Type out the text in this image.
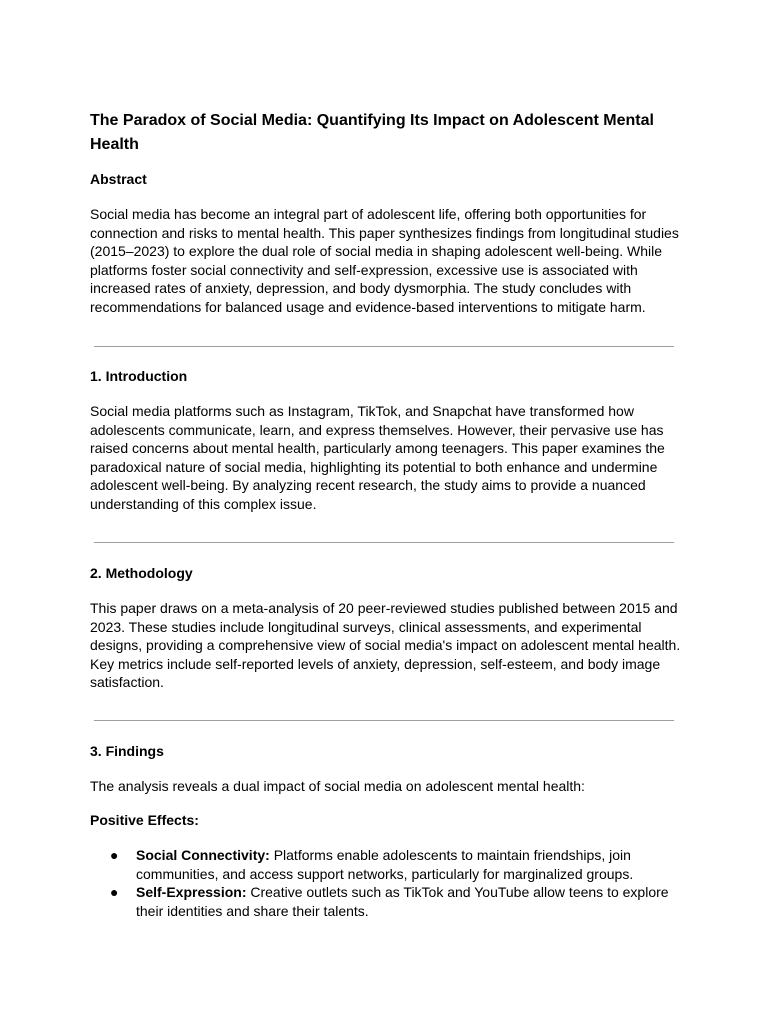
The Paradox of Social Media: Quantifying Its Impact on Adolescent Mental Health
Abstract
Social media has become an integral part of adolescent life, offering both opportunities for connection and risks to mental health. This paper synthesizes findings from longitudinal studies (2015–2023) to explore the dual role of social media in shaping adolescent well-being. While platforms foster social connectivity and self-expression, excessive use is associated with increased rates of anxiety, depression, and body dysmorphia. The study concludes with recommendations for balanced usage and evidence-based interventions to mitigate harm.
1. Introduction
Social media platforms such as Instagram, TikTok, and Snapchat have transformed how adolescents communicate, learn, and express themselves. However, their pervasive use has raised concerns about mental health, particularly among teenagers. This paper examines the paradoxical nature of social media, highlighting its potential to both enhance and undermine adolescent well-being. By analyzing recent research, the study aims to provide a nuanced understanding of this complex issue.
2. Methodology
This paper draws on a meta-analysis of 20 peer-reviewed studies published between 2015 and 2023. These studies include longitudinal surveys, clinical assessments, and experimental designs, providing a comprehensive view of social media's impact on adolescent mental health. Key metrics include self-reported levels of anxiety, depression, self-esteem, and body image satisfaction.
3. Findings
The analysis reveals a dual impact of social media on adolescent mental health:
Positive Effects:
● Social Connectivity: Platforms enable adolescents to maintain friendships, join communities, and access support networks, particularly for marginalized groups.
● Self-Expression: Creative outlets such as TikTok and YouTube allow teens to explore their identities and share their talents.
